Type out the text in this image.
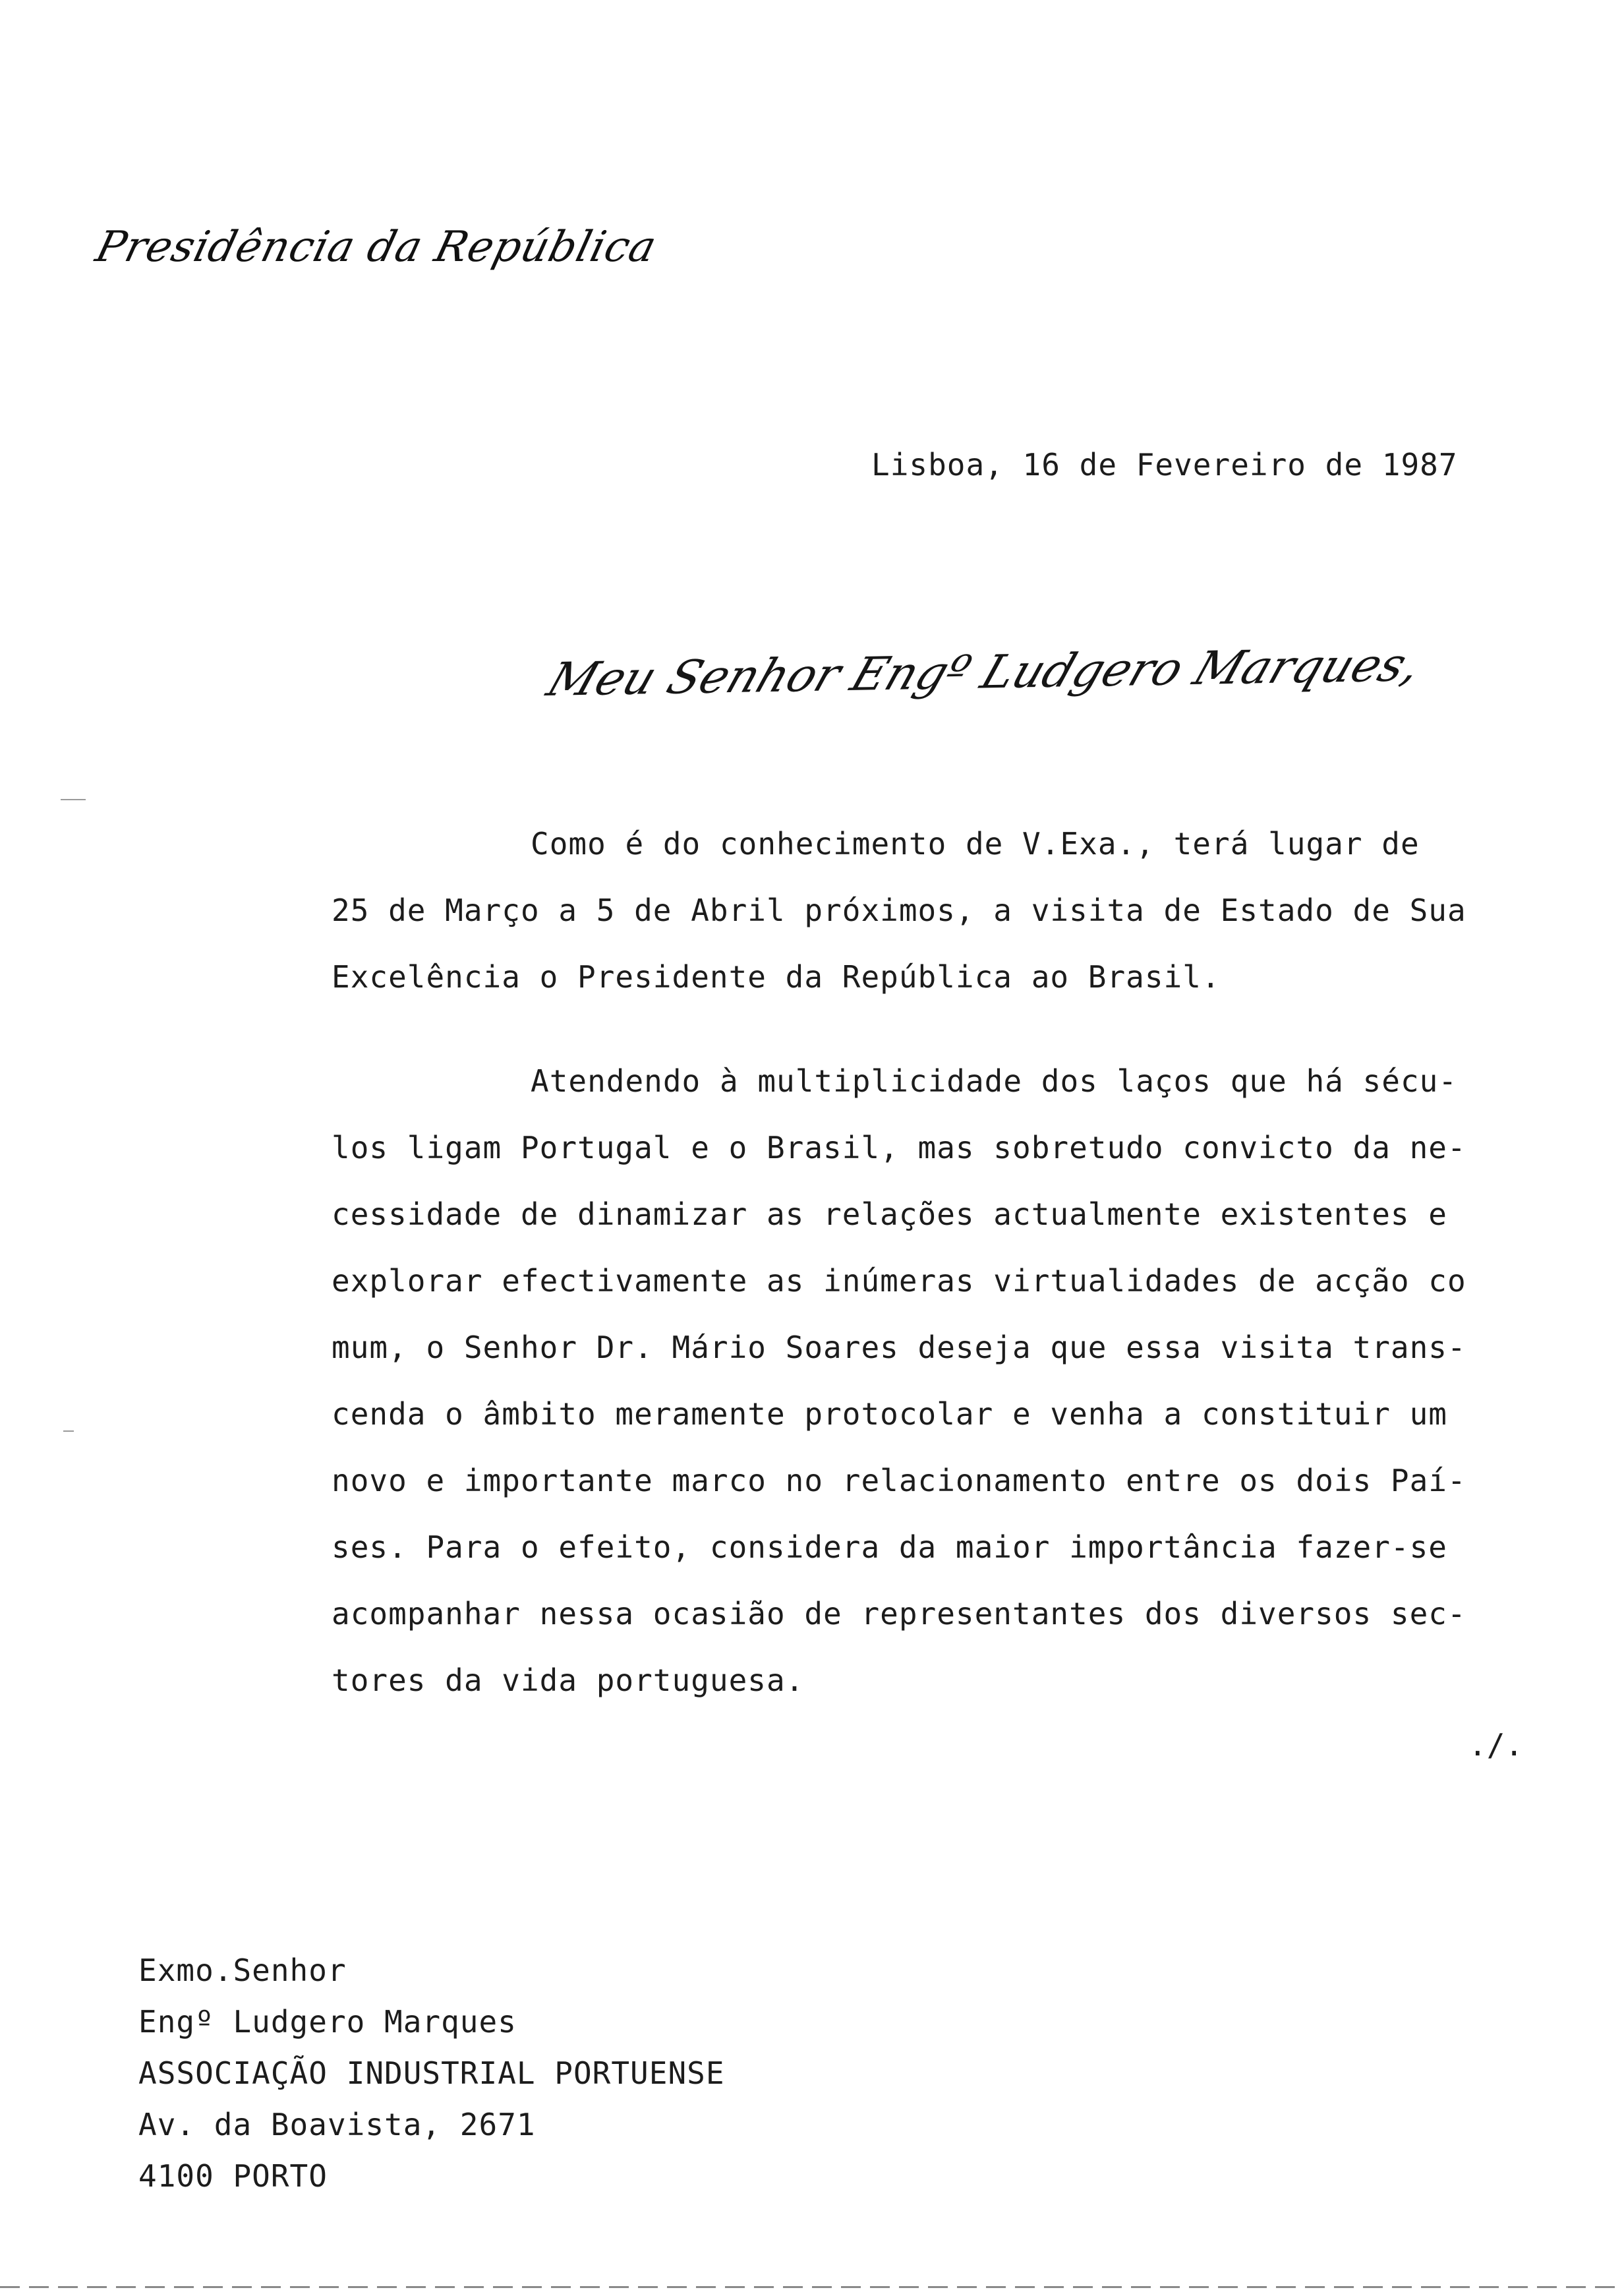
Presidência da República
Lisboa, 16 de Fevereiro de 1987
Meu Senhor Engº Ludgero Marques,

Como é do conhecimento de V.Exa., terá lugar de
25 de Março a 5 de Abril próximos, a visita de Estado de Sua
Excelência o Presidente da República ao Brasil.

Atendendo à multiplicidade dos laços que há sécu-
los ligam Portugal e o Brasil, mas sobretudo convicto da ne-
cessidade de dinamizar as relações actualmente existentes e
explorar efectivamente as inúmeras virtualidades de acção co
mum, o Senhor Dr. Mário Soares deseja que essa visita trans-
cenda o âmbito meramente protocolar e venha a constituir um
novo e importante marco no relacionamento entre os dois Paí-
ses. Para o efeito, considera da maior importância fazer-se
acompanhar nessa ocasião de representantes dos diversos sec-
tores da vida portuguesa.

./.
Exmo.Senhor
Engº Ludgero Marques
ASSOCIAÇÃO INDUSTRIAL PORTUENSE
Av. da Boavista, 2671
4100 PORTO
